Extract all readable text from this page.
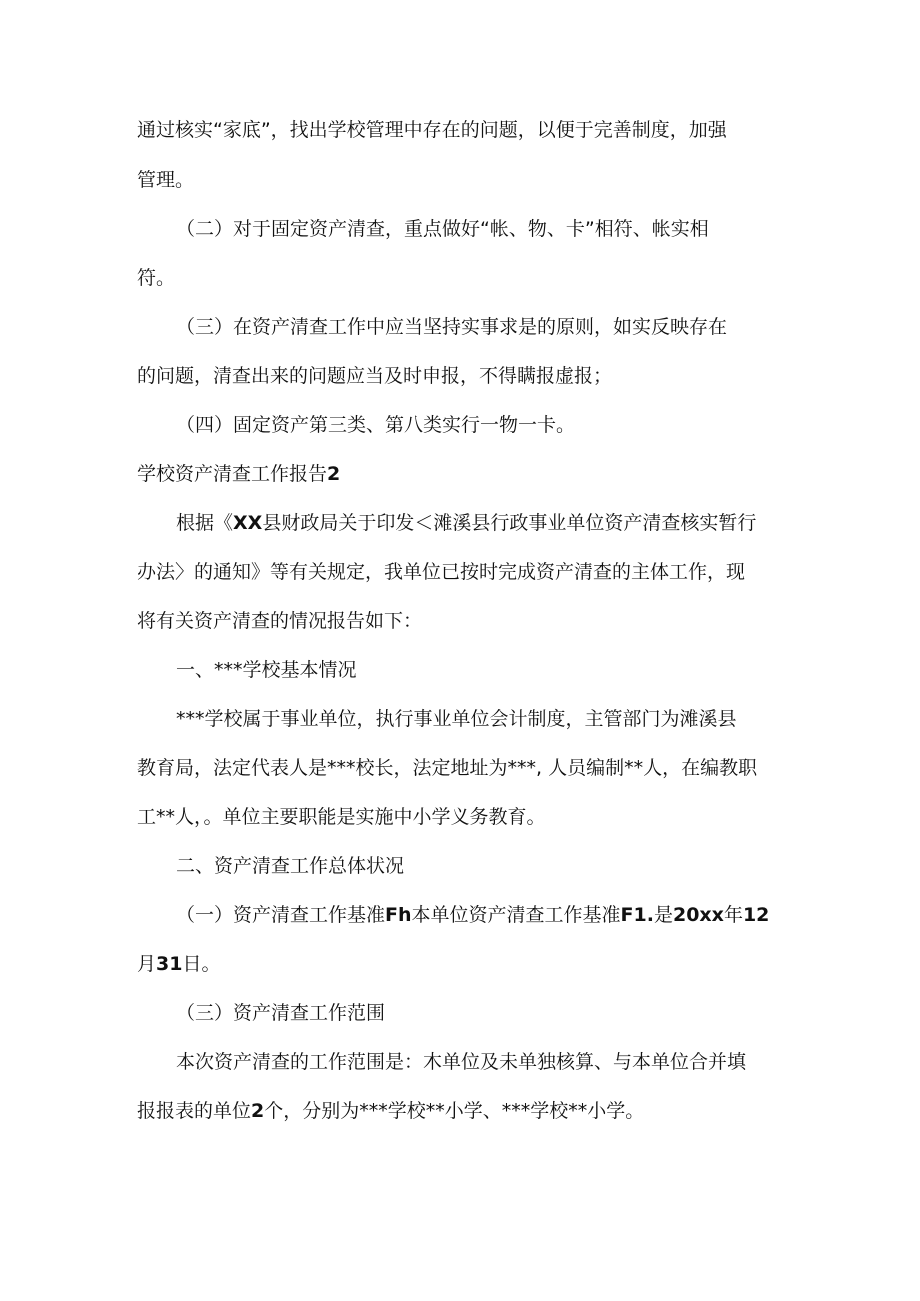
通过核实“家底”，找出学校管理中存在的问题，以便于完善制度，加强

管理。

（二）对于固定资产清查，重点做好“帐、物、卡”相符、帐实相

符。

（三）在资产清查工作中应当坚持实事求是的原则，如实反映存在

的问题，清查出来的问题应当及时申报，不得瞒报虚报；

（四）固定资产第三类、第八类实行一物一卡。

学校资产清查工作报告2

根据《XX县财政局关于印发＜滩溪县行政事业单位资产清查核实暂行

办法〉的通知》等有关规定，我单位已按时完成资产清查的主体工作，现

将有关资产清查的情况报告如下：

一、***学校基本情况

***学校属于事业单位，执行事业单位会计制度，主管部门为滩溪县

教育局，法定代表人是***校长，法定地址为***, 人员编制**人，在编教职

工**人，。单位主要职能是实施中小学义务教育。

二、资产清查工作总体状况

（一）资产清查工作基准Fh本单位资产清查工作基准F1.是20xx年12

月31日。

（三）资产清查工作范围

本次资产清查的工作范围是：木单位及未单独核算、与本单位合并填

报报表的单位2个，分别为***学校**小学、***学校**小学。
